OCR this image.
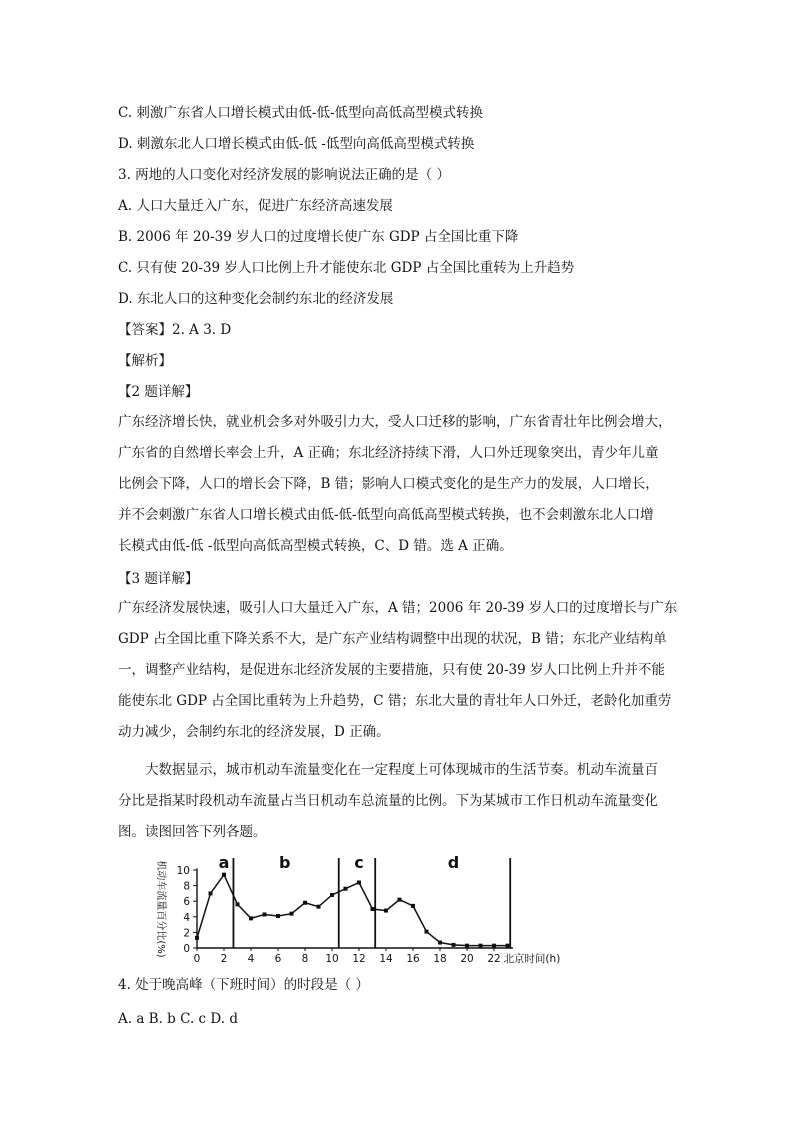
C. 刺激广东省人口增长模式由低-低-低型向高低高型模式转换
D. 刺激东北人口增长模式由低-低 -低型向高低高型模式转换
3. 两地的人口变化对经济发展的影响说法正确的是（ ）
A. 人口大量迁入广东，促进广东经济高速发展
B. 2006 年 20-39 岁人口的过度增长使广东 GDP 占全国比重下降
C. 只有使 20-39 岁人口比例上升才能使东北 GDP 占全国比重转为上升趋势
D. 东北人口的这种变化会制约东北的经济发展
【答案】2. A 3. D
【解析】
【2 题详解】

广东经济增长快，就业机会多对外吸引力大，受人口迁移的影响，广东省青壮年比例会增大，

广东省的自然增长率会上升，A 正确；东北经济持续下滑，人口外迁现象突出，青少年儿童

比例会下降，人口的增长会下降，B 错；影响人口模式变化的是生产力的发展，人口增长，

并不会刺激广东省人口增长模式由低-低-低型向高低高型模式转换，也不会刺激东北人口增

长模式由低-低 -低型向高低高型模式转换，C、D 错。选 A 正确。

【3 题详解】

广东经济发展快速，吸引人口大量迁入广东，A 错；2006 年 20-39 岁人口的过度增长与广东

GDP 占全国比重下降关系不大，是广东产业结构调整中出现的状况，B 错；东北产业结构单

一，调整产业结构，是促进东北经济发展的主要措施，只有使 20-39 岁人口比例上升并不能

能使东北 GDP 占全国比重转为上升趋势，C 错；东北大量的青壮年人口外迁，老龄化加重劳

动力减少，会制约东北的经济发展，D 正确。

大数据显示，城市机动车流量变化在一定程度上可体现城市的生活节奏。机动车流量百

分比是指某时段机动车流量占当日机动车总流量的比例。下为某城市工作日机动车流量变化

图。读图回答下列各题。

0
2
4
6
8
10
0 2 4 6 8 10 12 14 16 18 20 22 北京时间(h)
机动车流量百分比(%)	a	b	c	d
4. 处于晚高峰（下班时间）的时段是（ ）
A. a B. b C. c D. d
